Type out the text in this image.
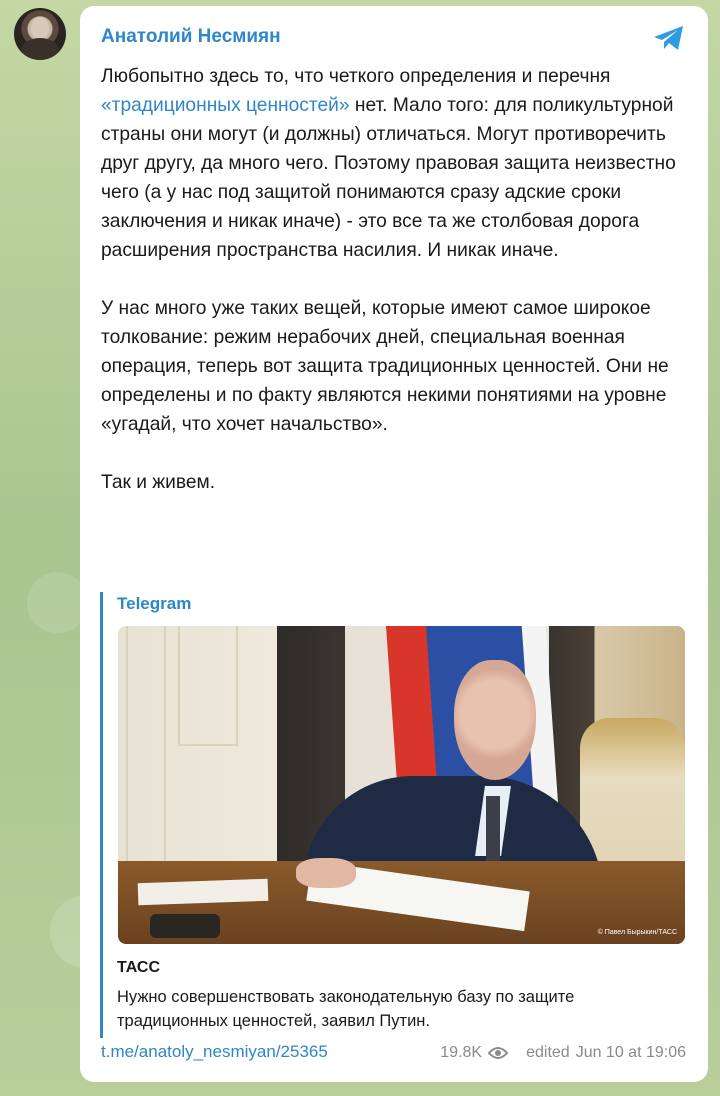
Анатолий Несмиян

Любопытно здесь то, что четкого определения и перечня «традиционных ценностей» нет. Мало того: для поликультурной страны они могут (и должны) отличаться. Могут противоречить друг другу, да много чего. Поэтому правовая защита неизвестно чего (а у нас под защитой понимаются сразу адские сроки заключения и никак иначе) - это все та же столбовая дорога расширения пространства насилия. И никак иначе.

У нас много уже таких вещей, которые имеют самое широкое толкование: режим нерабочих дней, специальная военная операция, теперь вот защита традиционных ценностей. Они не определены и по факту являются некими понятиями на уровне «угадай, что хочет начальство».

Так и живем.

Telegram
© Павел Бырыкин/ТАСС
ТАСС
Нужно совершенствовать законодательную базу по защите традиционных ценностей, заявил Путин.
t.me/anatoly_nesmiyan/25365	19.8K	edited Jun 10 at 19:06
